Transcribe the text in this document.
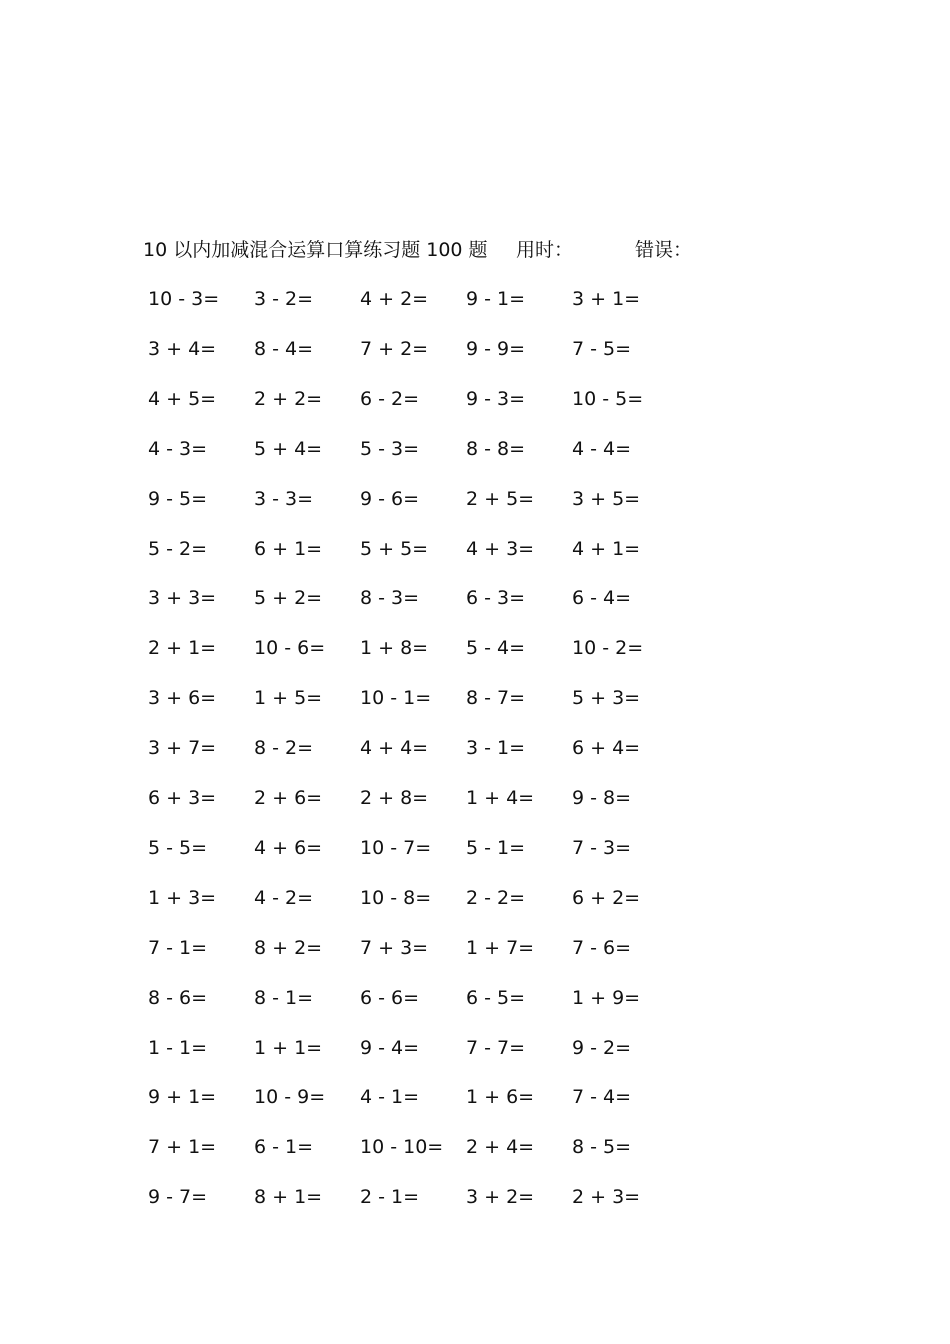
10 以内加减混合运算口算练习题 100 题 用时：	错误：
10 - 3= 3 - 2= 4 + 2= 9 - 1= 3 + 1=
3 + 4= 8 - 4= 7 + 2= 9 - 9= 7 - 5=
4 + 5= 2 + 2= 6 - 2= 9 - 3= 10 - 5=
4 - 3= 5 + 4= 5 - 3= 8 - 8= 4 - 4=
9 - 5= 3 - 3= 9 - 6= 2 + 5= 3 + 5=
5 - 2= 6 + 1= 5 + 5= 4 + 3= 4 + 1=
3 + 3= 5 + 2= 8 - 3= 6 - 3= 6 - 4=
2 + 1= 10 - 6= 1 + 8= 5 - 4= 10 - 2=
3 + 6= 1 + 5= 10 - 1= 8 - 7= 5 + 3=
3 + 7= 8 - 2= 4 + 4= 3 - 1= 6 + 4=
6 + 3= 2 + 6= 2 + 8= 1 + 4= 9 - 8=
5 - 5= 4 + 6= 10 - 7= 5 - 1= 7 - 3=
1 + 3= 4 - 2= 10 - 8= 2 - 2= 6 + 2=
7 - 1= 8 + 2= 7 + 3= 1 + 7= 7 - 6=
8 - 6= 8 - 1= 6 - 6= 6 - 5= 1 + 9=
1 - 1= 1 + 1= 9 - 4= 7 - 7= 9 - 2=
9 + 1= 10 - 9= 4 - 1= 1 + 6= 7 - 4=
7 + 1= 6 - 1= 10 - 10= 2 + 4= 8 - 5=
9 - 7= 8 + 1= 2 - 1= 3 + 2= 2 + 3=
